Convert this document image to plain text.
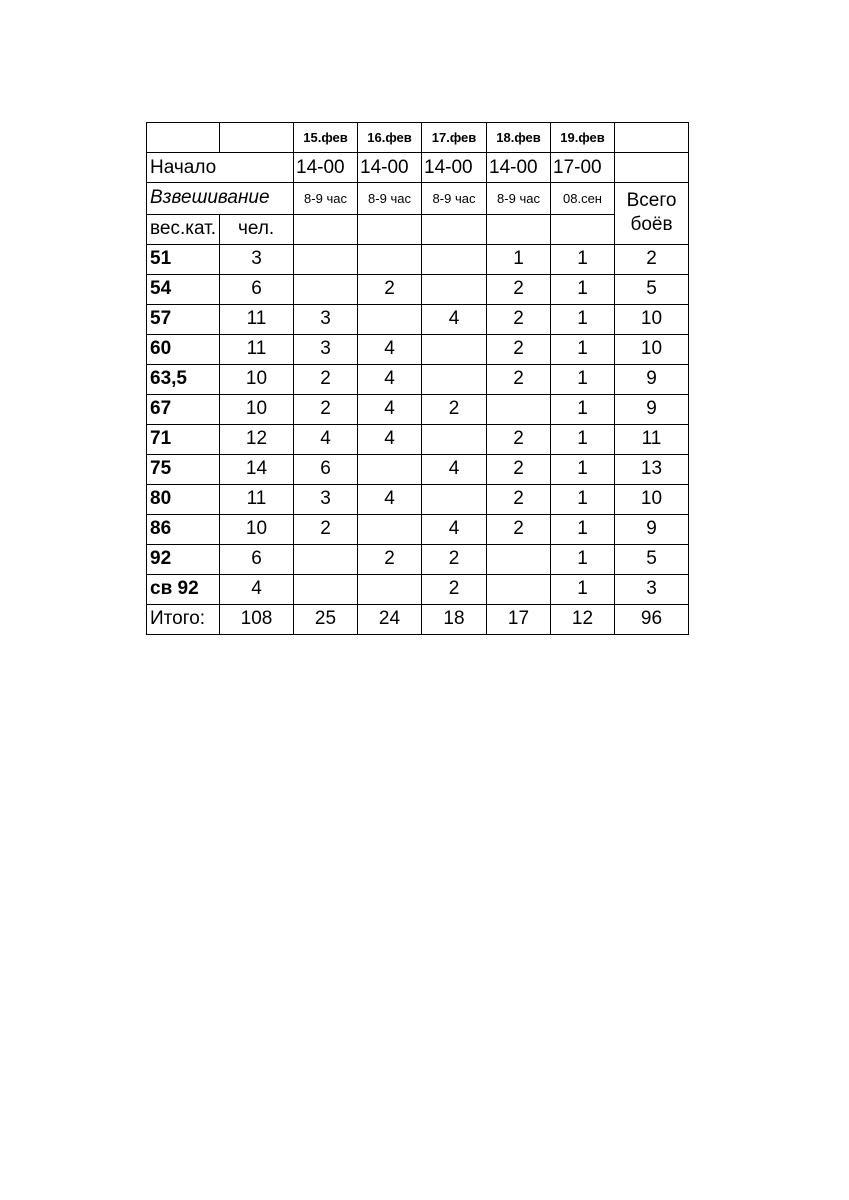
		15.фев	16.фев	17.фев	18.фев	19.фев	
Начало		14-00	14-00	14-00	14-00	17-00	
Взвешивание		8-9 час	8-9 час	8-9 час	8-9 час	08.сен	Всего
вес.кат.	чел.						боёв
51	3				1	1	2
54	6		2		2	1	5
57	11	3		4	2	1	10
60	11	3	4		2	1	10
63,5	10	2	4		2	1	9
67	10	2	4	2		1	9
71	12	4	4		2	1	11
75	14	6		4	2	1	13
80	11	3	4		2	1	10
86	10	2		4	2	1	9
92	6		2	2		1	5
св 92	4			2		1	3
Итого:	108	25	24	18	17	12	96
